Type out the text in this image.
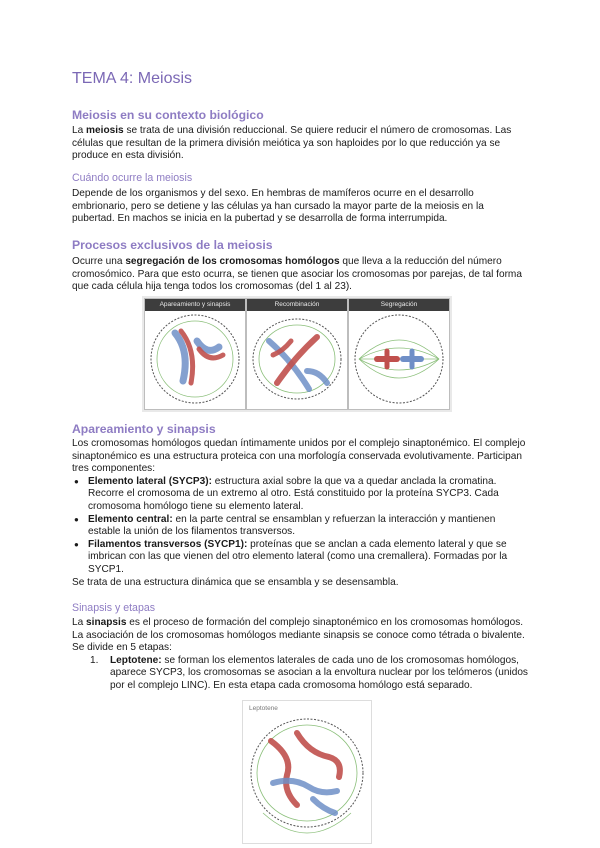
TEMA 4: Meiosis
Meiosis en su contexto biológico

La meiosis se trata de una división reduccional. Se quiere reducir el número de cromosomas. Las células que resultan de la primera división meiótica ya son haploides por lo que reducción ya se produce en esta división.

Cuándo ocurre la meiosis

Depende de los organismos y del sexo. En hembras de mamíferos ocurre en el desarrollo embrionario, pero se detiene y las células ya han cursado la mayor parte de la meiosis en la pubertad. En machos se inicia en la pubertad y se desarrolla de forma interrumpida.

Procesos exclusivos de la meiosis

Ocurre una segregación de los cromosomas homólogos que lleva a la reducción del número cromosómico. Para que esto ocurra, se tienen que asociar los cromosomas por parejas, de tal forma que cada célula hija tenga todos los cromosomas (del 1 al 23).

Apareamiento y sinapsis	Recombinación	Segregación
Apareamiento y sinapsis

Los cromosomas homólogos quedan íntimamente unidos por el complejo sinaptonémico. El complejo sinaptonémico es una estructura proteica con una morfología conservada evolutivamente. Participan tres componentes:

● Elemento lateral (SYCP3): estructura axial sobre la que va a quedar anclada la cromatina. Recorre el cromosoma de un extremo al otro. Está constituido por la proteína SYCP3. Cada cromosoma homólogo tiene su elemento lateral.
● Elemento central: en la parte central se ensamblan y refuerzan la interacción y mantienen estable la unión de los filamentos transversos.
● Filamentos transversos (SYCP1): proteínas que se anclan a cada elemento lateral y que se imbrican con las que vienen del otro elemento lateral (como una cremallera). Formadas por la SYCP1.

Se trata de una estructura dinámica que se ensambla y se desensambla.

Sinapsis y etapas

La sinapsis es el proceso de formación del complejo sinaptonémico en los cromosomas homólogos. La asociación de los cromosomas homólogos mediante sinapsis se conoce como tétrada o bivalente. Se divide en 5 etapas:

1. Leptotene: se forman los elementos laterales de cada uno de los cromosomas homólogos, aparece SYCP3, los cromosomas se asocian a la envoltura nuclear por los telómeros (unidos por el complejo LINC). En esta etapa cada cromosoma homólogo está separado.
Leptotene
